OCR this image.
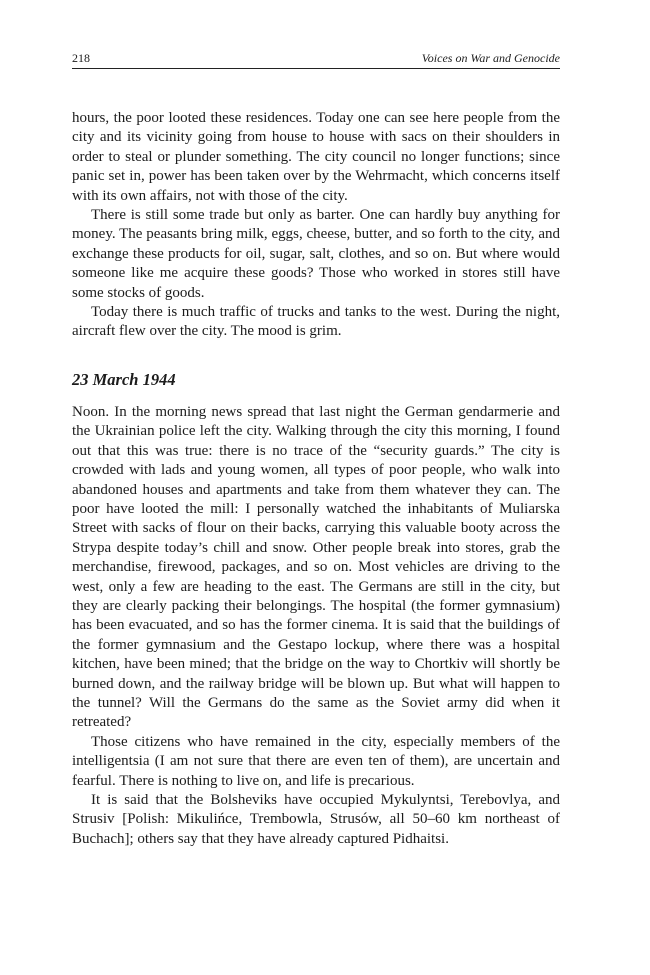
218	Voices on War and Genocide

hours, the poor looted these residences. Today one can see here people from the city and its vicinity going from house to house with sacs on their shoulders in order to steal or plunder something. The city council no longer functions; since panic set in, power has been taken over by the Wehrmacht, which concerns itself with its own affairs, not with those of the city.

There is still some trade but only as barter. One can hardly buy anything for money. The peasants bring milk, eggs, cheese, butter, and so forth to the city, and exchange these products for oil, sugar, salt, clothes, and so on. But where would someone like me acquire these goods? Those who worked in stores still have some stocks of goods.

Today there is much traffic of trucks and tanks to the west. During the night, aircraft flew over the city. The mood is grim.

23 March 1944

Noon. In the morning news spread that last night the German gendarmerie and the Ukrainian police left the city. Walking through the city this morning, I found out that this was true: there is no trace of the “security guards.” The city is crowded with lads and young women, all types of poor people, who walk into abandoned houses and apartments and take from them whatever they can. The poor have looted the mill: I personally watched the inhabitants of Muliarska Street with sacks of flour on their backs, carrying this valuable booty across the Strypa despite today’s chill and snow. Other people break into stores, grab the merchandise, firewood, packages, and so on. Most vehicles are driving to the west, only a few are heading to the east. The Germans are still in the city, but they are clearly packing their belongings. The hospital (the former gymnasium) has been evacuated, and so has the former cinema. It is said that the buildings of the former gymnasium and the Gestapo lockup, where there was a hospital kitchen, have been mined; that the bridge on the way to Chortkiv will shortly be burned down, and the railway bridge will be blown up. But what will happen to the tunnel? Will the Germans do the same as the Soviet army did when it retreated?

Those citizens who have remained in the city, especially members of the intelligentsia (I am not sure that there are even ten of them), are uncertain and fearful. There is nothing to live on, and life is precarious.

It is said that the Bolsheviks have occupied Mykulyntsi, Terebovlya, and Strusiv [Polish: Mikulińce, Trembowla, Strusów, all 50–60 km northeast of Buchach]; others say that they have already captured Pidhaitsi.
